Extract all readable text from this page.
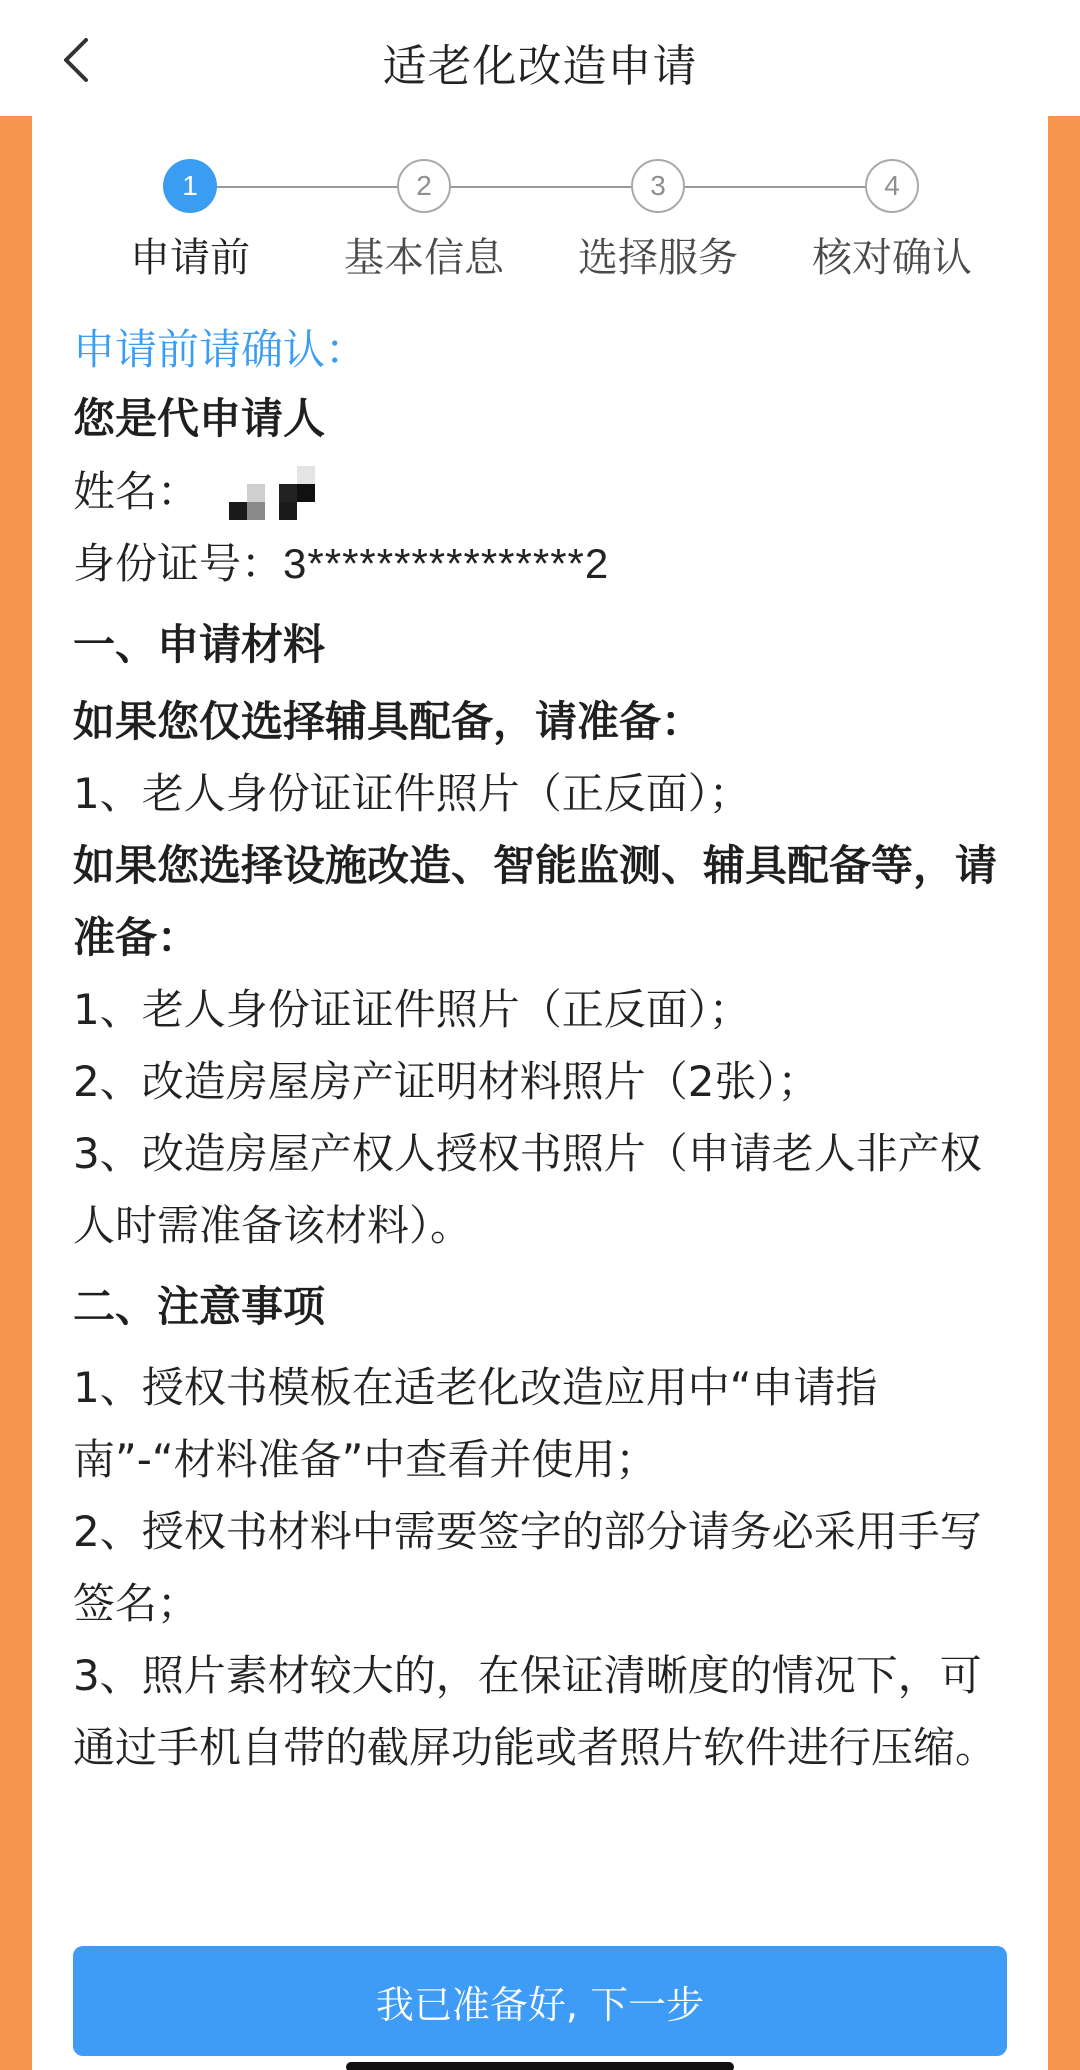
适老化改造申请
1	2	3	4
申请前	基本信息	选择服务	核对确认
申请前请确认：
您是代申请人
姓名：
身份证号：3****************2
一、申请材料
如果您仅选择辅具配备，请准备：
1、老人身份证证件照片（正反面）；
如果您选择设施改造、智能监测、辅具配备等，请准备：
1、老人身份证证件照片（正反面）；
2、改造房屋房产证明材料照片（2张）；
3、改造房屋产权人授权书照片（申请老人非产权人时需准备该材料）。
二、注意事项
1、授权书模板在适老化改造应用中“申请指南”-“材料准备”中查看并使用；
2、授权书材料中需要签字的部分请务必采用手写签名；
3、照片素材较大的，在保证清晰度的情况下，可通过手机自带的截屏功能或者照片软件进行压缩。
我已准备好, 下一步
